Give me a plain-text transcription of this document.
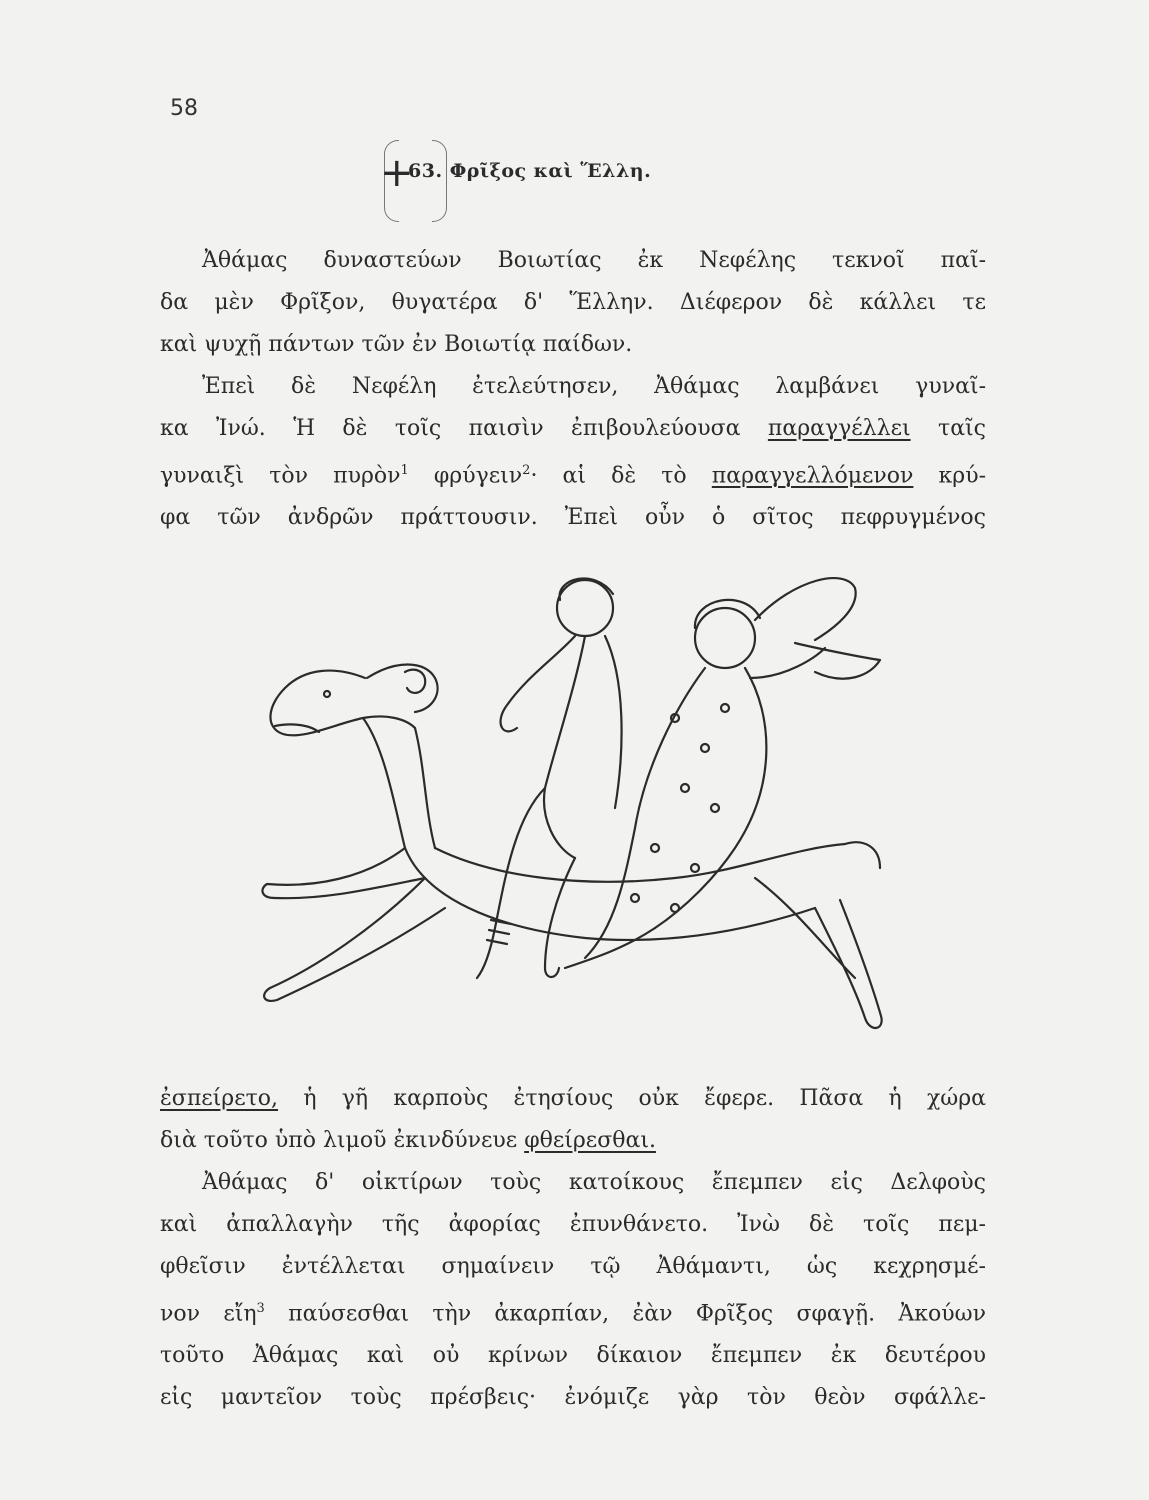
58
+
63. Φρῖξος καὶ Ἕλλη.
Ἀθάμας δυναστεύων Βοιωτίας ἐκ Νεφέλης τεκνοῖ παῖ-
δα μὲν Φρῖξον, θυγατέρα δ' Ἕλλην. Διέφερον δὲ κάλλει τε
καὶ ψυχῇ πάντων τῶν ἐν Βοιωτίᾳ παίδων.
Ἐπεὶ δὲ Νεφέλη ἐτελεύτησεν, Ἀθάμας λαμβάνει γυναῖ-
κα Ἰνώ. Ἡ δὲ τοῖς παισὶν ἐπιβουλεύουσα παραγγέλλει ταῖς
γυναιξὶ τὸν πυρὸν$^1$ φρύγειν$^2$· αἱ δὲ τὸ παραγγελλόμενον κρύ-
φα τῶν ἀνδρῶν πράττουσιν. Ἐπεὶ οὖν ὁ σῖτος πεφρυγμένος
ἐσπείρετο, ἡ γῆ καρποὺς ἐτησίους οὐκ ἔφερε. Πᾶσα ἡ χώρα
διὰ τοῦτο ὑπὸ λιμοῦ ἐκινδύνευε φθείρεσθαι.
Ἀθάμας δ' οἰκτίρων τοὺς κατοίκους ἔπεμπεν εἰς Δελφοὺς
καὶ ἀπαλλαγὴν τῆς ἀφορίας ἐπυνθάνετο. Ἰνὼ δὲ τοῖς πεμ-
φθεῖσιν ἐντέλλεται σημαίνειν τῷ Ἀθάμαντι, ὡς κεχρησμέ-
νον εἴη$^3$ παύσεσθαι τὴν ἀκαρπίαν, ἐὰν Φρῖξος σφαγῇ. Ἀκούων
τοῦτο Ἀθάμας καὶ οὐ κρίνων δίκαιον ἔπεμπεν ἐκ δευτέρου
εἰς μαντεῖον τοὺς πρέσβεις· ἐνόμιζε γὰρ τὸν θεὸν σφάλλε-
